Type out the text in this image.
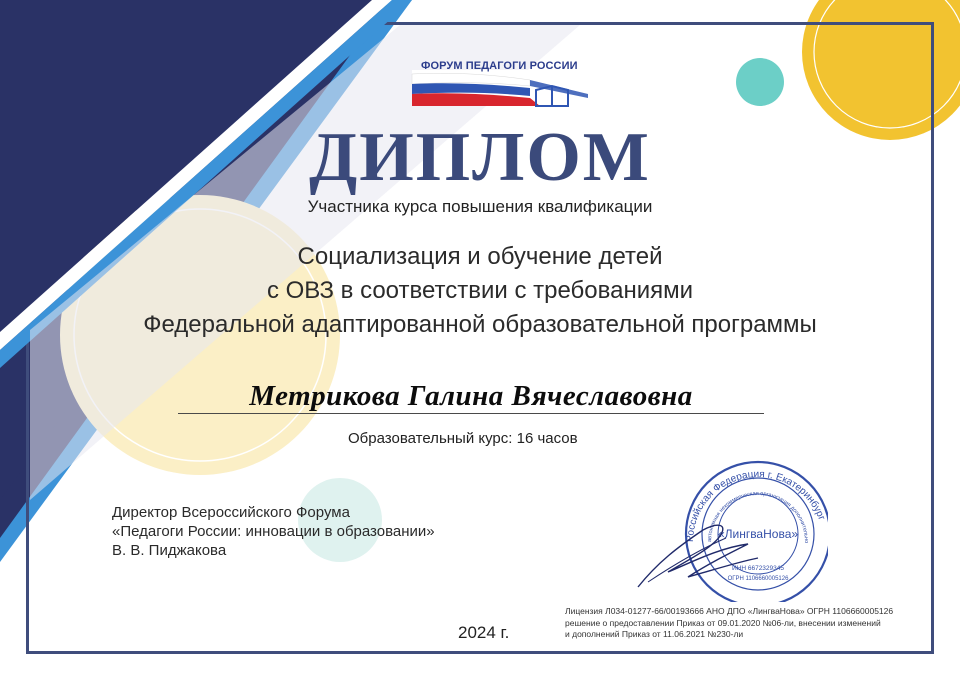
ФОРУМ ПЕДАГОГИ РОССИИ
ДИПЛОМ
Участника курса повышения квалификации
Социализация и обучение детей
с ОВЗ в соответствии с требованиями
Федеральной адаптированной образовательной программы
Метрикова Галина Вячеславовна
Образовательный курс: 16 часов
Директор Всероссийского Форума
«Педагоги России: инновации в образовании»
В. В. Пиджакова
Российская Федерация г. Екатеринбург
автономная некоммерческая организация дополнительно
«ЛингваНова»
ИНН 6672329345
ОГРН 1106660005126
2024 г.
Лицензия Л034-01277-66/00193666 АНО ДПО «ЛингваНова» ОГРН 1106660005126
решение о предоставлении Приказ от 09.01.2020 №06-ли, внесении изменений
и дополнений Приказ от 11.06.2021 №230-ли
